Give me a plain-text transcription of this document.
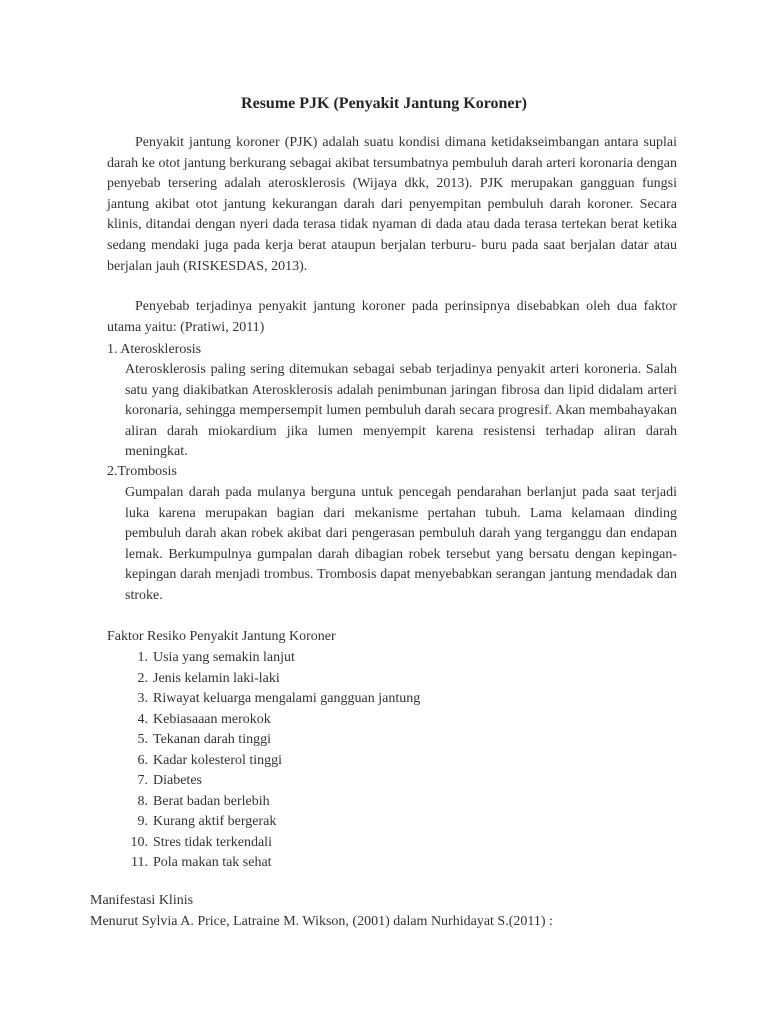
Resume PJK (Penyakit Jantung Koroner)

Penyakit jantung koroner (PJK) adalah suatu kondisi dimana ketidakseimbangan antara suplai darah ke otot jantung berkurang sebagai akibat tersumbatnya pembuluh darah arteri koronaria dengan penyebab tersering adalah aterosklerosis (Wijaya dkk, 2013). PJK merupakan gangguan fungsi jantung akibat otot jantung kekurangan darah dari penyempitan pembuluh darah koroner. Secara klinis, ditandai dengan nyeri dada terasa tidak nyaman di dada atau dada terasa tertekan berat ketika sedang mendaki juga pada kerja berat ataupun berjalan terburu- buru pada saat berjalan datar atau berjalan jauh (RISKESDAS, 2013).

Penyebab terjadinya penyakit jantung koroner pada perinsipnya disebabkan oleh dua faktor utama yaitu: (Pratiwi, 2011)

1. Aterosklerosis

Aterosklerosis paling sering ditemukan sebagai sebab terjadinya penyakit arteri koroneria. Salah satu yang diakibatkan Aterosklerosis adalah penimbunan jaringan fibrosa dan lipid didalam arteri koronaria, sehingga mempersempit lumen pembuluh darah secara progresif. Akan membahayakan aliran darah miokardium jika lumen menyempit karena resistensi terhadap aliran darah meningkat.

2.Trombosis

Gumpalan darah pada mulanya berguna untuk pencegah pendarahan berlanjut pada saat terjadi luka karena merupakan bagian dari mekanisme pertahan tubuh. Lama kelamaan dinding pembuluh darah akan robek akibat dari pengerasan pembuluh darah yang terganggu dan endapan lemak. Berkumpulnya gumpalan darah dibagian robek tersebut yang bersatu dengan kepingan-kepingan darah menjadi trombus. Trombosis dapat menyebabkan serangan jantung mendadak dan stroke.

Faktor Resiko Penyakit Jantung Koroner
1. Usia yang semakin lanjut
2. Jenis kelamin laki-laki
3. Riwayat keluarga mengalami gangguan jantung
4. Kebiasaaan merokok
5. Tekanan darah tinggi
6. Kadar kolesterol tinggi
7. Diabetes
8. Berat badan berlebih
9. Kurang aktif bergerak
10. Stres tidak terkendali
11. Pola makan tak sehat
Manifestasi Klinis
Menurut Sylvia A. Price, Latraine M. Wikson, (2001) dalam Nurhidayat S.(2011) :
